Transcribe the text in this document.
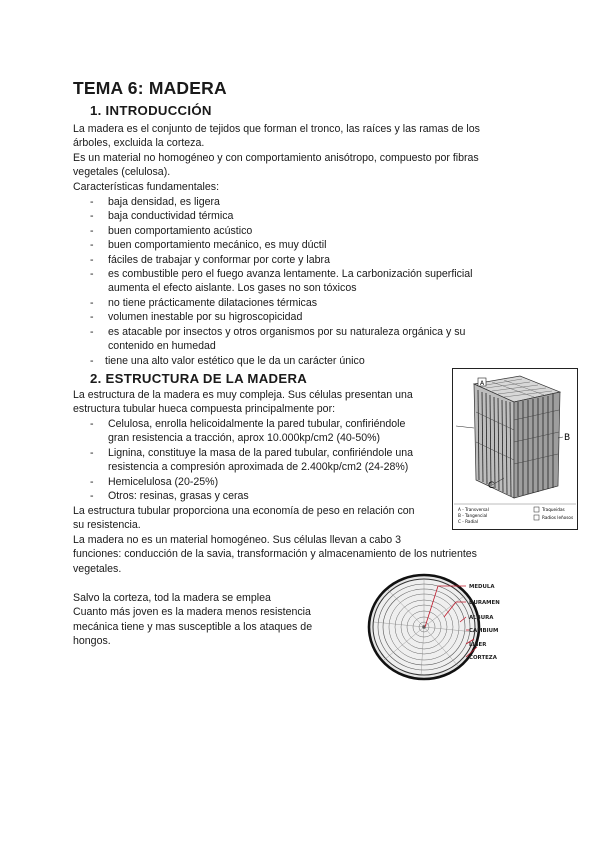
TEMA 6: MADERA
1. INTRODUCCIÓN

La madera es el conjunto de tejidos que forman el tronco, las raíces y las ramas de los

árboles, excluida la corteza.

Es un material no homogéneo y con comportamiento anisótropo, compuesto por fibras

vegetales (celulosa).

Características fundamentales:

- baja densidad, es ligera

- baja conductividad térmica

- buen comportamiento acústico

- buen comportamiento mecánico, es muy dúctil

- fáciles de trabajar y conformar por corte y labra

- es combustible pero el fuego avanza lentamente. La carbonización superficial

aumenta el efecto aislante. Los gases no son tóxicos

- no tiene prácticamente dilataciones térmicas

- volumen inestable por su higroscopicidad

- es atacable por insectos y otros organismos por su naturaleza orgánica y su

contenido en humedad

- tiene una alto valor estético que le da un carácter único

2. ESTRUCTURA DE LA MADERA

La estructura de la madera es muy compleja. Sus células presentan una

estructura tubular hueca compuesta principalmente por:

- Celulosa, enrolla helicoidalmente la pared tubular, confiriéndole

gran resistencia a tracción, aprox 10.000kp/cm2 (40-50%)

- Lignina, constituye la masa de la pared tubular, confiriéndole una

resistencia a compresión aproximada de 2.400kp/cm2 (24-28%)

- Hemicelulosa (20-25%)

- Otros: resinas, grasas y ceras

La estructura tubular proporciona una economía de peso en relación con

su resistencia.

La madera no es un material homogéneo. Sus células llevan a cabo 3

funciones: conducción de la savia, transformación y almacenamiento de los nutrientes

vegetales.

Salvo la corteza, tod la madera se emplea

Cuanto más joven es la madera menos resistencia

mecánica tiene y mas susceptible a los ataques de

hongos.

A
B
C
A - Transversal
B - Tangencial
C - Radial
Traqueidas
Radios leñosos
MEDULA
DURAMEN
ALBURA
CAMBIUM
LIBER
CORTEZA
